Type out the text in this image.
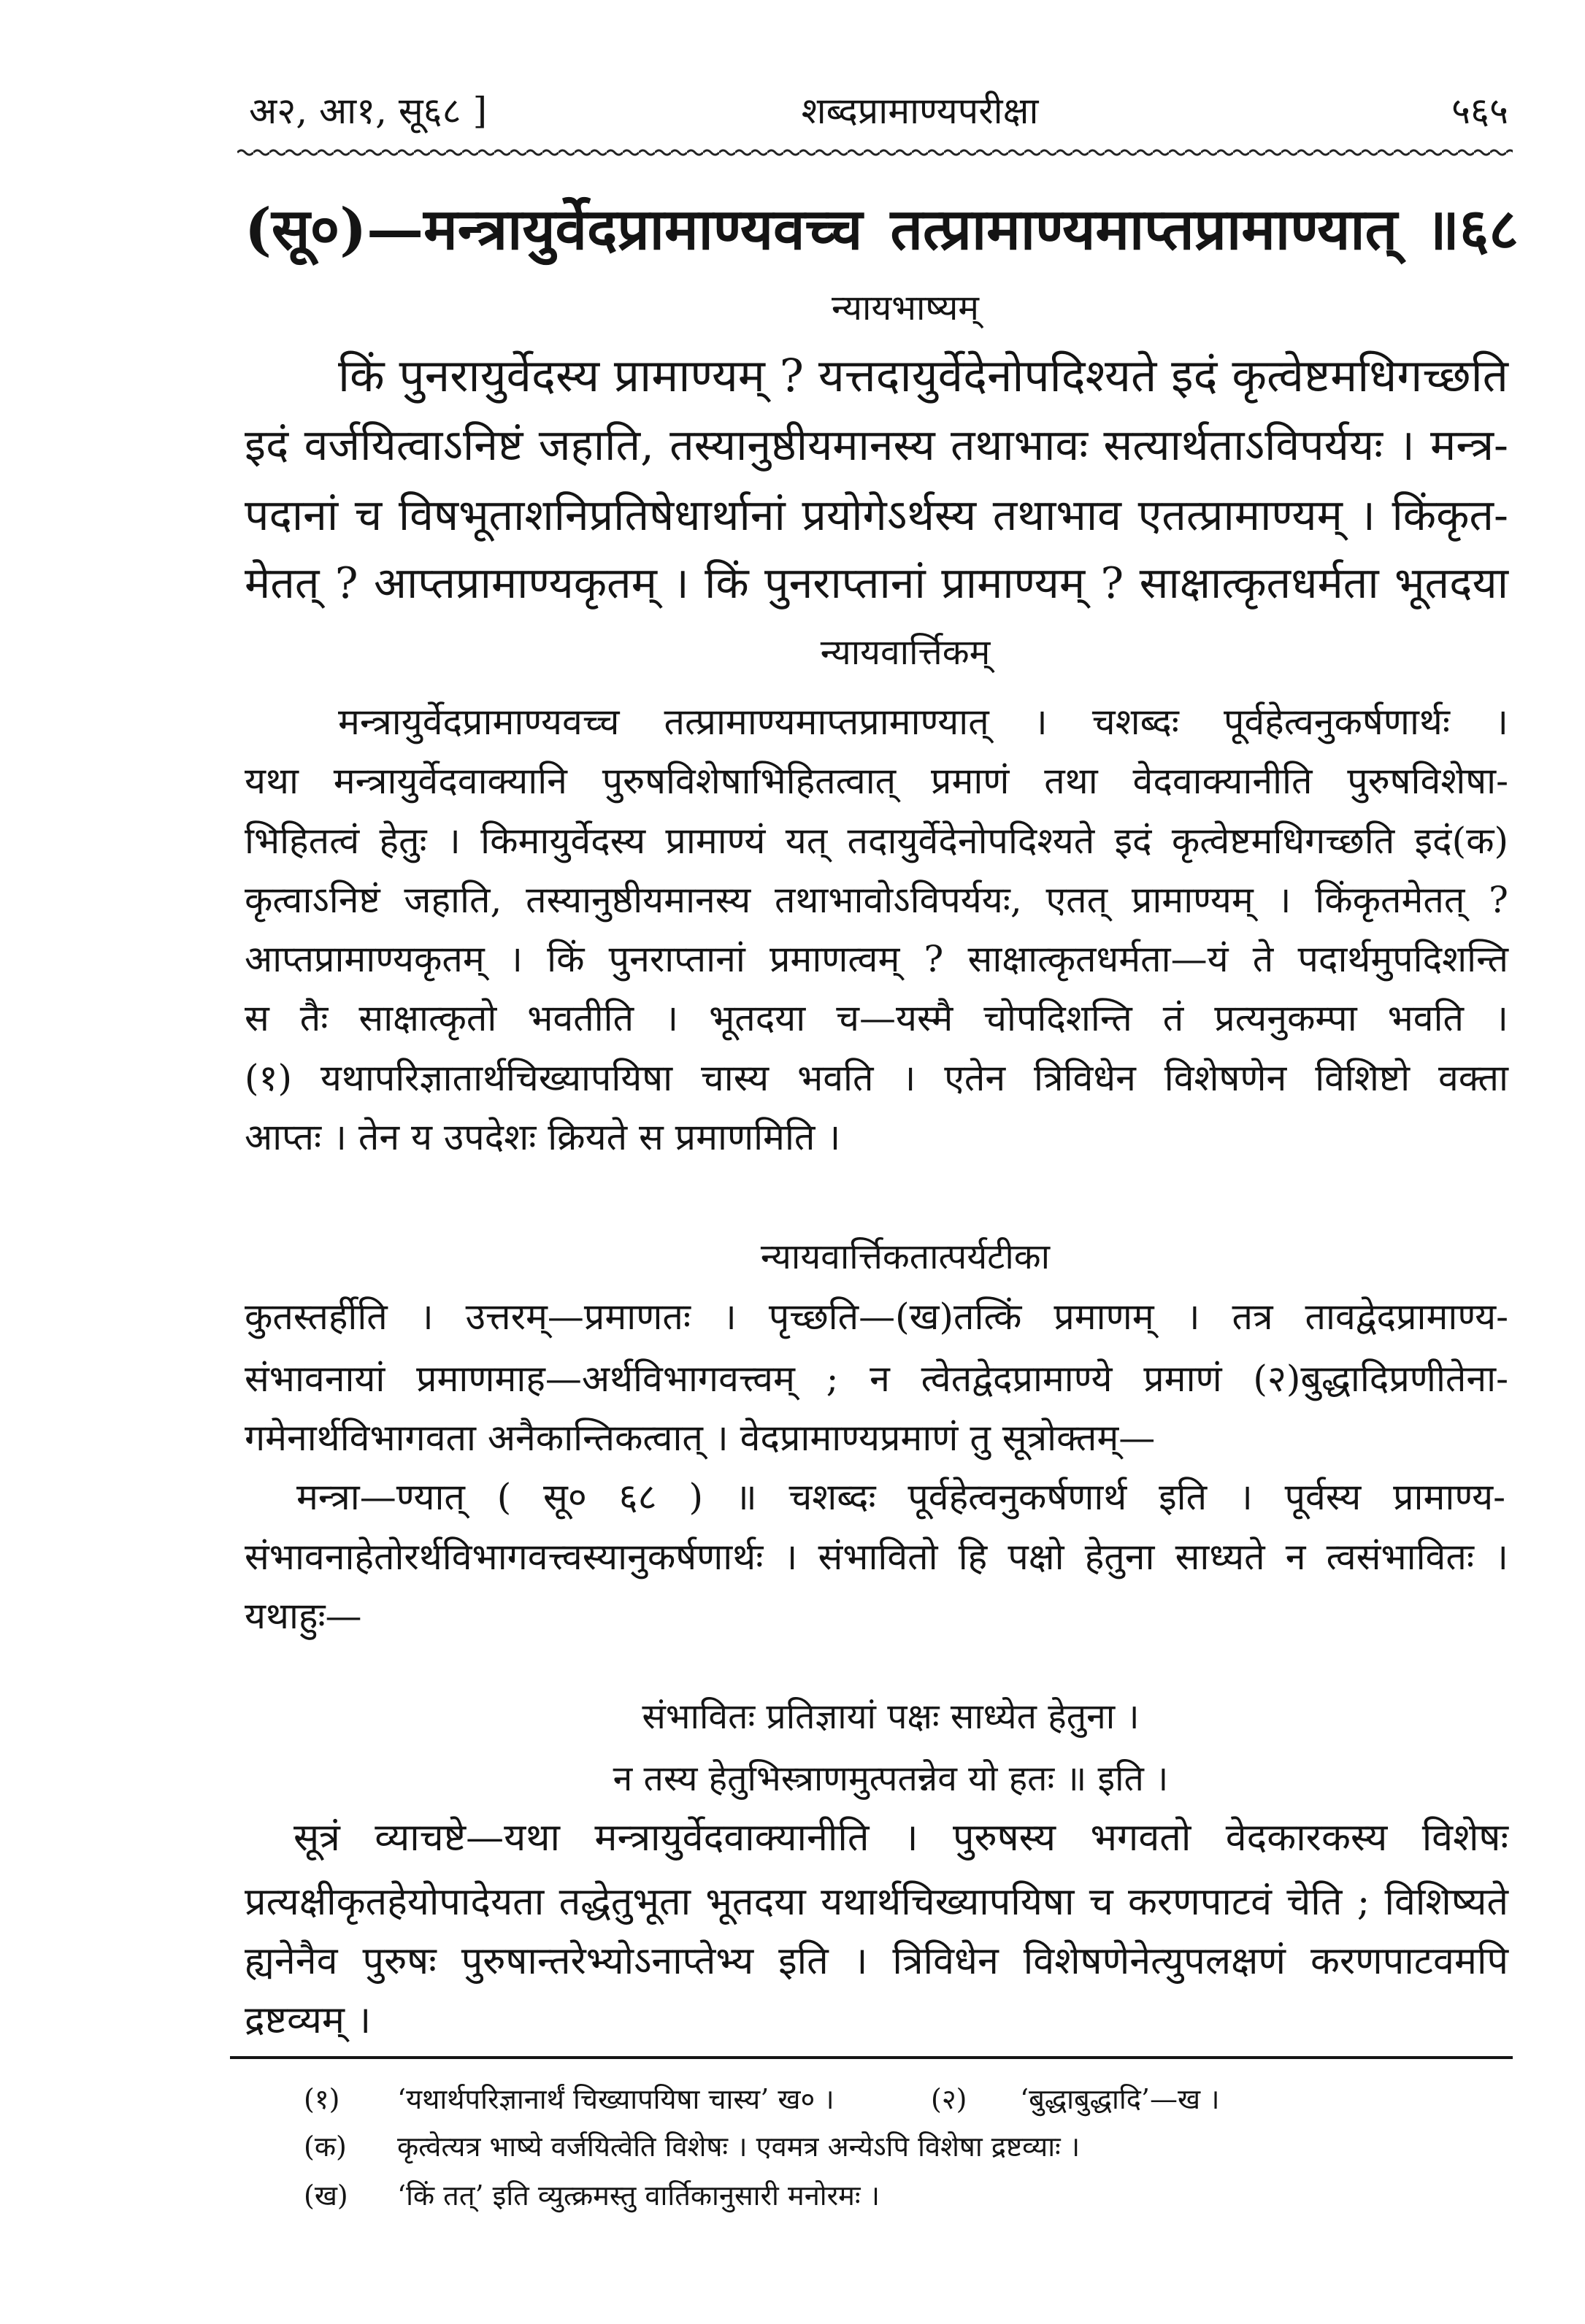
अ२, आ१, सू६८ ]	शब्दप्रामाण्यपरीक्षा	५६५
(सू०)—मन्त्रायुर्वेदप्रामाण्यवच्च तत्प्रामाण्यमाप्तप्रामाण्यात् ॥६८
न्यायभाष्यम्
किं पुनरायुर्वेदस्य प्रामाण्यम् ? यत्तदायुर्वेदेनोपदिश्यते इदं कृत्वेष्टमधिगच्छति
इदं वर्जयित्वाऽनिष्टं जहाति, तस्यानुष्ठीयमानस्य तथाभावः सत्यार्थताऽविपर्ययः । मन्त्र-
पदानां च विषभूताशनिप्रतिषेधार्थानां प्रयोगेऽर्थस्य तथाभाव एतत्प्रामाण्यम् । किंकृत-
मेतत् ? आप्तप्रामाण्यकृतम् । किं पुनराप्तानां प्रामाण्यम् ? साक्षात्कृतधर्मता भूतदया
न्यायवार्त्तिकम्
मन्त्रायुर्वेदप्रामाण्यवच्च तत्प्रामाण्यमाप्तप्रामाण्यात् । चशब्दः पूर्वहेत्वनुकर्षणार्थः ।
यथा मन्त्रायुर्वेदवाक्यानि पुरुषविशेषाभिहितत्वात् प्रमाणं तथा वेदवाक्यानीति पुरुषविशेषा-
भिहितत्वं हेतुः । किमायुर्वेदस्य प्रामाण्यं यत् तदायुर्वेदेनोपदिश्यते इदं कृत्वेष्टमधिगच्छति इदं(क)
कृत्वाऽनिष्टं जहाति, तस्यानुष्ठीयमानस्य तथाभावोऽविपर्ययः, एतत् प्रामाण्यम् । किंकृतमेतत् ?
आप्तप्रामाण्यकृतम् । किं पुनराप्तानां प्रमाणत्वम् ? साक्षात्कृतधर्मता—यं ते पदार्थमुपदिशन्ति
स तैः साक्षात्कृतो भवतीति । भूतदया च—यस्मै चोपदिशन्ति तं प्रत्यनुकम्पा भवति ।
(१) यथापरिज्ञातार्थचिख्यापयिषा चास्य भवति । एतेन त्रिविधेन विशेषणेन विशिष्टो वक्ता
आप्तः । तेन य उपदेशः क्रियते स प्रमाणमिति ।
न्यायवार्त्तिकतात्पर्यटीका
कुतस्तर्हीति । उत्तरम्—प्रमाणतः । पृच्छति—(ख)तत्किं प्रमाणम् । तत्र तावद्वेदप्रामाण्य-
संभावनायां प्रमाणमाह—अर्थविभागवत्त्वम् ; न त्वेतद्वेदप्रामाण्ये प्रमाणं (२)बुद्धादिप्रणीतेना-
गमेनार्थविभागवता अनैकान्तिकत्वात् । वेदप्रामाण्यप्रमाणं तु सूत्रोक्तम्—
मन्त्रा—ण्यात् ( सू० ६८ ) ॥ चशब्दः पूर्वहेत्वनुकर्षणार्थ इति । पूर्वस्य प्रामाण्य-
संभावनाहेतोरर्थविभागवत्त्वस्यानुकर्षणार्थः । संभावितो हि पक्षो हेतुना साध्यते न त्वसंभावितः ।
यथाहुः—
संभावितः प्रतिज्ञायां पक्षः साध्येत हेतुना ।
न तस्य हेतुभिस्त्राणमुत्पतन्नेव यो हतः ॥ इति ।
सूत्रं व्याचष्टे—यथा मन्त्रायुर्वेदवाक्यानीति । पुरुषस्य भगवतो वेदकारकस्य विशेषः
प्रत्यक्षीकृतहेयोपादेयता तद्धेतुभूता भूतदया यथार्थचिख्यापयिषा च करणपाटवं चेति ; विशिष्यते
ह्यनेनैव पुरुषः पुरुषान्तरेभ्योऽनाप्तेभ्य इति । त्रिविधेन विशेषणेनेत्युपलक्षणं करणपाटवमपि
द्रष्टव्यम् ।
(१)	‘यथार्थपरिज्ञानार्थं चिख्यापयिषा चास्य’ ख० ।	(२)	‘बुद्धाबुद्धादि’—ख ।
(क)	कृत्वेत्यत्र भाष्ये वर्जयित्वेति विशेषः । एवमत्र अन्येऽपि विशेषा द्रष्टव्याः ।
(ख)	‘किं तत्’ इति व्युत्क्रमस्तु वार्तिकानुसारी मनोरमः ।
